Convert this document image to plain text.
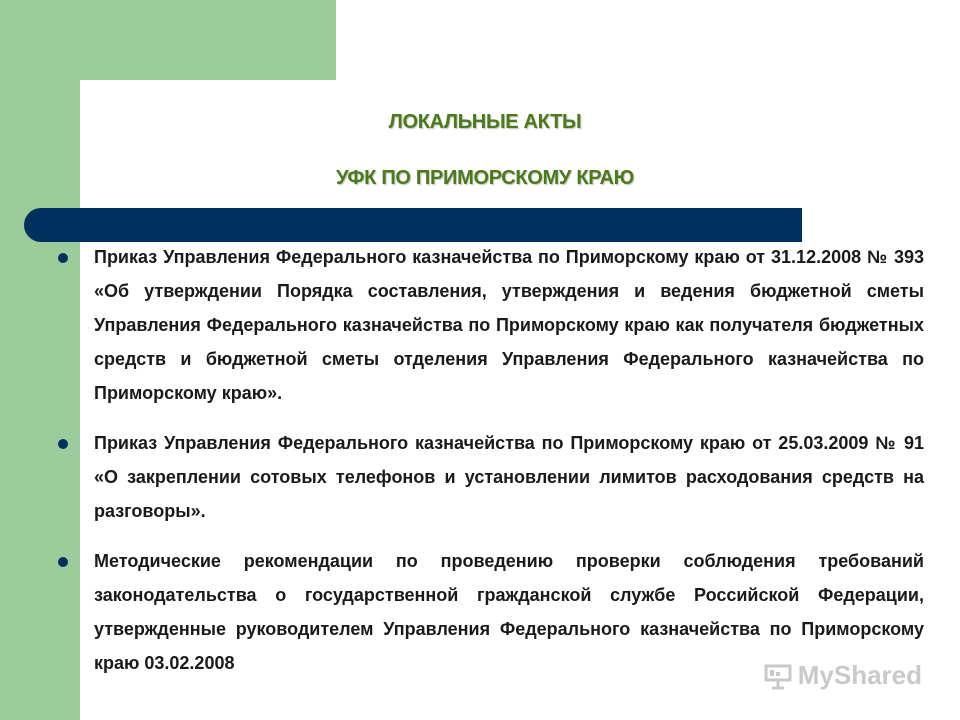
ЛОКАЛЬНЫЕ АКТЫ
УФК ПО ПРИМОРСКОМУ КРАЮ
Приказ Управления Федерального казначейства по Приморскому краю от 31.12.2008 № 393 «Об утверждении Порядка составления, утверждения и ведения бюджетной сметы Управления Федерального казначейства по Приморскому краю как получателя бюджетных средств и бюджетной сметы отделения Управления Федерального казначейства по Приморскому краю».
Приказ Управления Федерального казначейства по Приморскому краю от 25.03.2009 № 91 «О закреплении сотовых телефонов и установлении лимитов расходования средств на разговоры».
Методические рекомендации по проведению проверки соблюдения требований законодательства о государственной гражданской службе Российской Федерации, утвержденные руководителем Управления Федерального казначейства по Приморскому краю 03.02.2008	MyShared
